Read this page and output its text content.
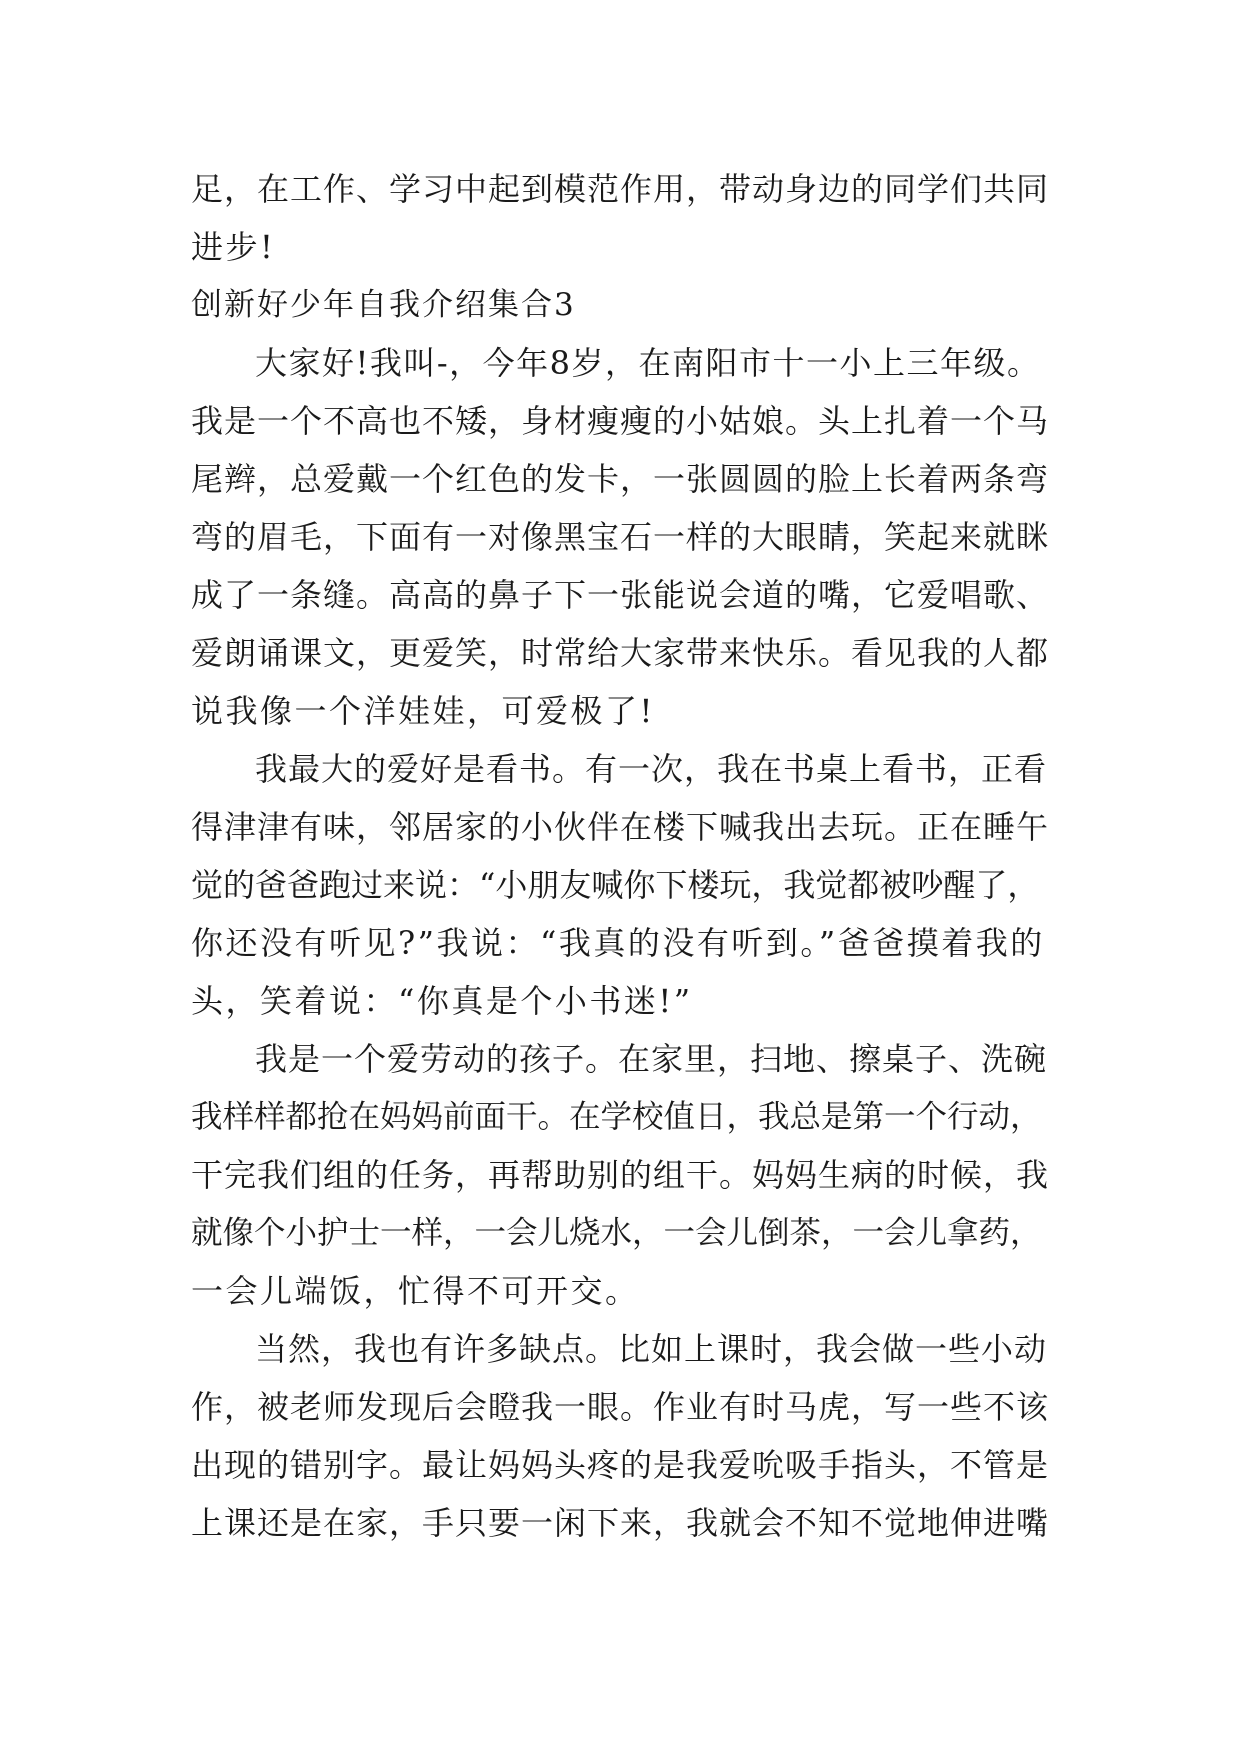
足，在工作、学习中起到模范作用，带动身边的同学们共同
进步!
创新好少年自我介绍集合3
大家好!我叫-，今年8岁，在南阳市十一小上三年级。
我是一个不高也不矮，身材瘦瘦的小姑娘。头上扎着一个马
尾辫，总爱戴一个红色的发卡，一张圆圆的脸上长着两条弯
弯的眉毛，下面有一对像黑宝石一样的大眼睛，笑起来就眯
成了一条缝。高高的鼻子下一张能说会道的嘴，它爱唱歌、
爱朗诵课文，更爱笑，时常给大家带来快乐。看见我的人都
说我像一个洋娃娃，可爱极了!
我最大的爱好是看书。有一次，我在书桌上看书，正看
得津津有味，邻居家的小伙伴在楼下喊我出去玩。正在睡午
觉的爸爸跑过来说：“小朋友喊你下楼玩，我觉都被吵醒了，
你还没有听见?”我说：“我真的没有听到。”爸爸摸着我的
头，笑着说：“你真是个小书迷!”
我是一个爱劳动的孩子。在家里，扫地、擦桌子、洗碗
我样样都抢在妈妈前面干。在学校值日，我总是第一个行动，
干完我们组的任务，再帮助别的组干。妈妈生病的时候，我
就像个小护士一样，一会儿烧水，一会儿倒茶，一会儿拿药，
一会儿端饭，忙得不可开交。
当然，我也有许多缺点。比如上课时，我会做一些小动
作，被老师发现后会瞪我一眼。作业有时马虎，写一些不该
出现的错别字。最让妈妈头疼的是我爱吮吸手指头，不管是
上课还是在家，手只要一闲下来，我就会不知不觉地伸进嘴
